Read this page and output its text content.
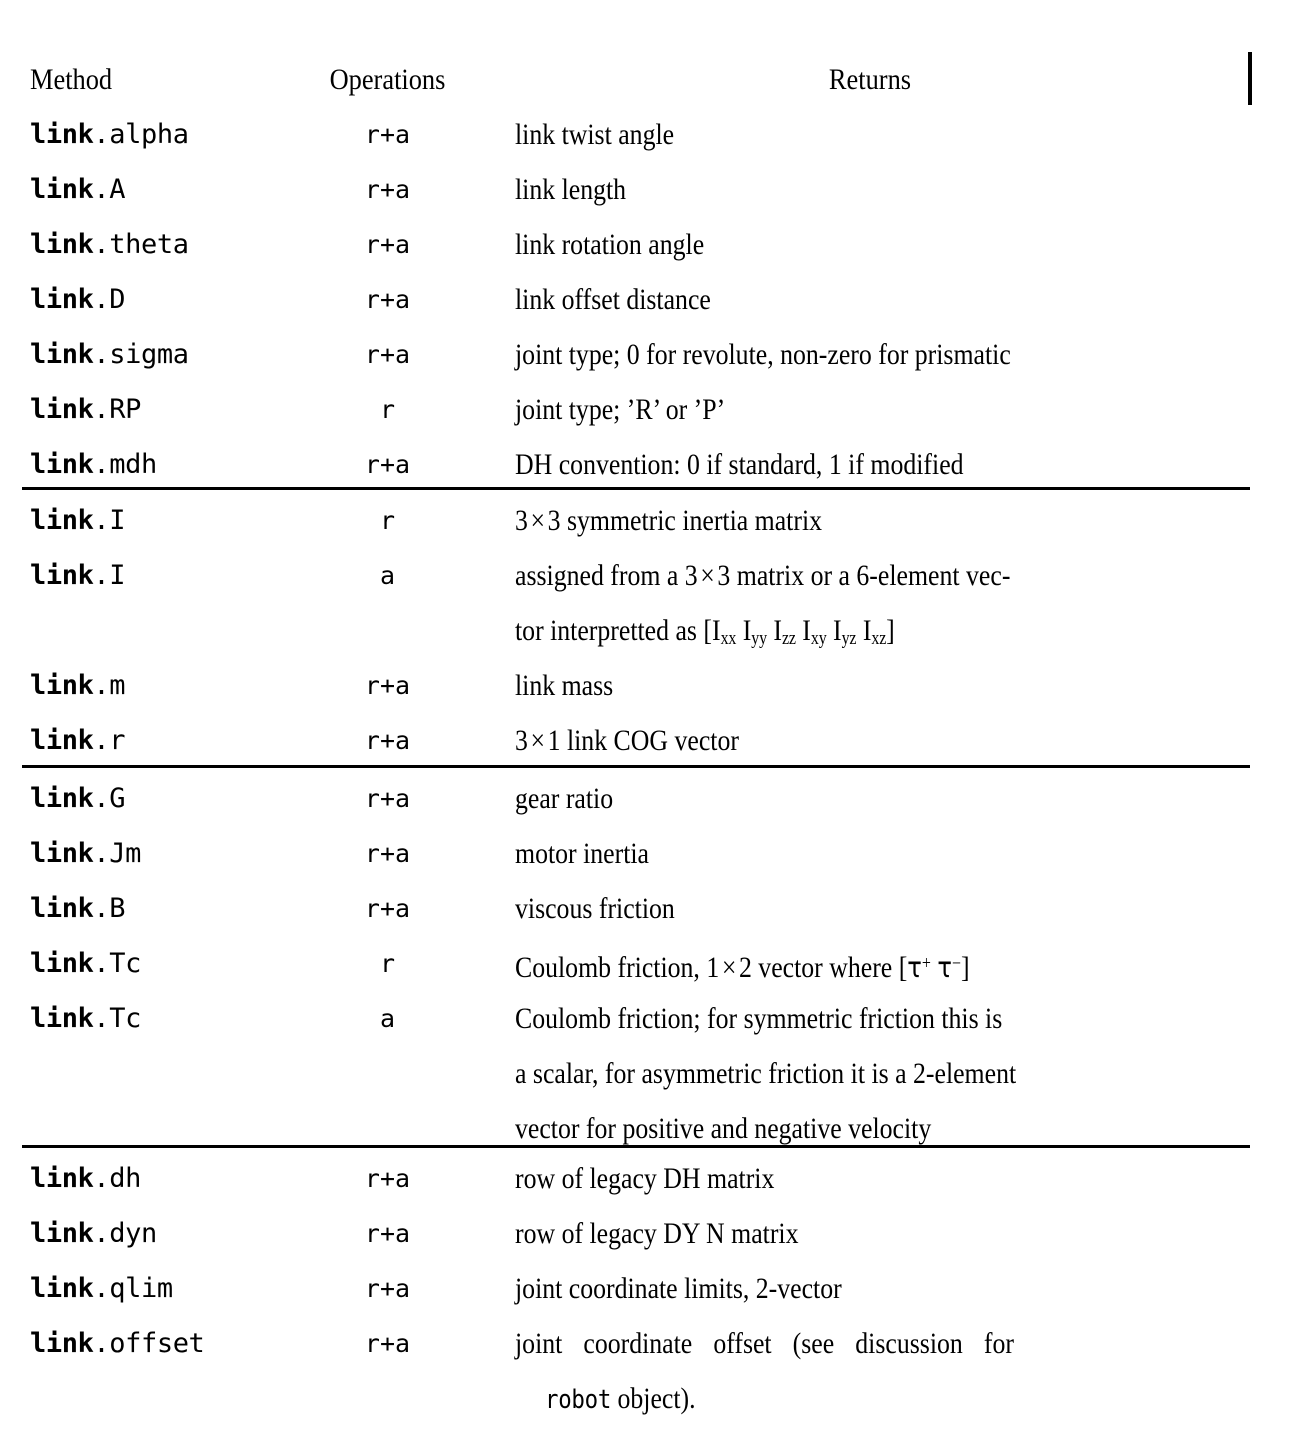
Method	Operations	Returns
link.alpha	r+a	link twist angle
link.A	r+a	link length
link.theta	r+a	link rotation angle
link.D	r+a	link offset distance
link.sigma	r+a	joint type; 0 for revolute, non-zero for prismatic
link.RP	r	joint type; ’R’ or ’P’
link.mdh	r+a	DH convention: 0 if standard, 1 if modified
link.I	r	3×3 symmetric inertia matrix
link.I	a	assigned from a 3×3 matrix or a 6-element vec-
tor interpretted as [$I_{xx}$ $I_{yy}$ $I_{zz}$ $I_{xy}$ $I_{yz}$ $I_{xz}$]
link.m	r+a	link mass
link.r	r+a	3×1 link COG vector
link.G	r+a	gear ratio
link.Jm	r+a	motor inertia
link.B	r+a	viscous friction
link.Tc	r	Coulomb friction, 1×2 vector where [τ+ τ−]
link.Tc	a	Coulomb friction; for symmetric friction this is
a scalar, for asymmetric friction it is a 2-element
vector for positive and negative velocity
link.dh	r+a	row of legacy DH matrix
link.dyn	r+a	row of legacy DY N matrix
link.qlim	r+a	joint coordinate limits, 2-vector
link.offset	r+a	joint coordinate offset (see discussion for
robot object).
